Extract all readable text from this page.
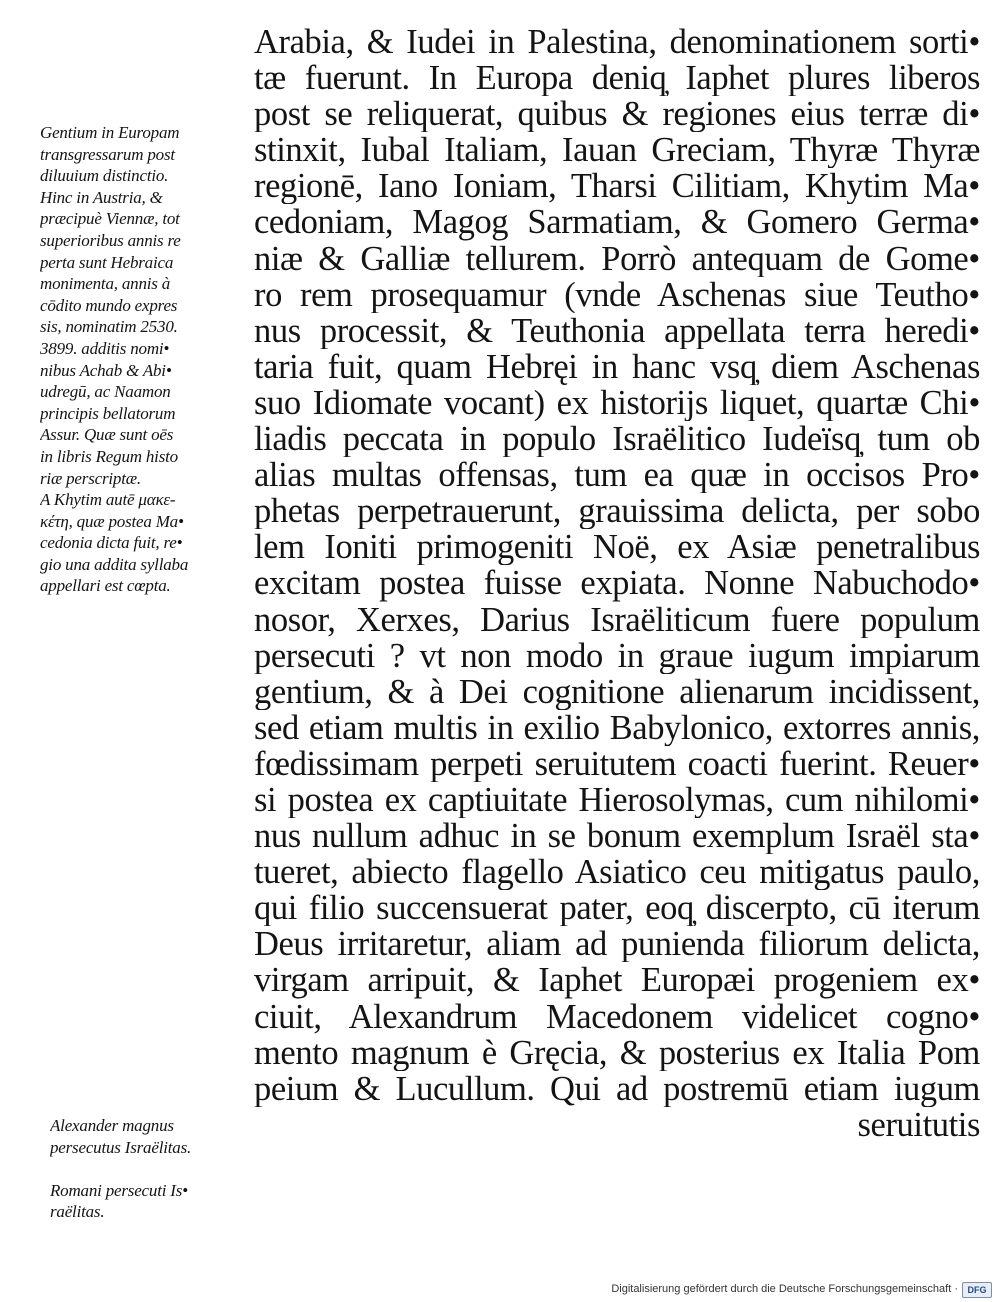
Arabia, & Iudei in Palestina, denominationem sorti•
tæ fuerunt. In Europa deniq̦ Iaphet plures liberos
post se reliquerat, quibus & regiones eius terræ di•
stinxit, Iubal Italiam, Iauan Greciam, Thyræ Thyræ
regionē, Iano Ioniam, Tharsi Cilitiam, Khytim Ma•
cedoniam, Magog Sarmatiam, & Gomero Germa•
niæ & Galliæ tellurem. Porrò antequam de Gome•
ro rem prosequamur (vnde Aschenas siue Teutho•
nus processit, & Teuthonia appellata terra heredi•
taria fuit, quam Hebręi in hanc vsq̦ diem Aschenas
suo Idiomate vocant) ex historijs liquet, quartæ Chi•
liadis peccata in populo Israëlitico Iudeïsq̦ tum ob
alias multas offensas, tum ea quæ in occisos Pro•
phetas perpetrauerunt, grauissima delicta, per sobo
lem Ioniti primogeniti Noë, ex Asiæ penetralibus
excitam postea fuisse expiata. Nonne Nabuchodo•
nosor, Xerxes, Darius Israëliticum fuere populum
persecuti ? vt non modo in graue iugum impiarum
gentium, & à Dei cognitione alienarum incidissent,
sed etiam multis in exilio Babylonico, extorres annis,
fœdissimam perpeti seruitutem coacti fuerint. Reuer•
si postea ex captiuitate Hierosolymas, cum nihilomi•
nus nullum adhuc in se bonum exemplum Israël sta•
tueret, abiecto flagello Asiatico ceu mitigatus paulo,
qui filio succensuerat pater, eoq̦ discerpto, cū iterum
Deus irritaretur, aliam ad punienda filiorum delicta,
virgam arripuit, & Iaphet Europæi progeniem ex•
ciuit, Alexandrum Macedonem videlicet cogno•
mento magnum è Gręcia, & posterius ex Italia Pom
peium & Lucullum. Qui ad postremū etiam iugum
seruitutis
Gentium in Europam
transgressarum post
diluuium distinctio.
Hinc in Austria, &
præcipuè Viennæ, tot
superioribus annis re
perta sunt Hebraica
monimenta, annis à
cōdito mundo expres
sis, nominatim 2530.
3899. additis nomi•
nibus Achab & Abi•
udregū, ac Naamon
principis bellatorum
Assur. Quæ sunt oēs
in libris Regum histo
riæ perscriptæ.
A Khytim autē μακε-
κέτη, quæ postea Ma•
cedonia dicta fuit, re•
gio una addita syllaba
appellari est cœpta.
Alexander magnus
persecutus Israëlitas.

Romani persecuti Is•
raëlitas.
Digitalisierung gefördert durch die Deutsche Forschungsgemeinschaft ·	DFG
